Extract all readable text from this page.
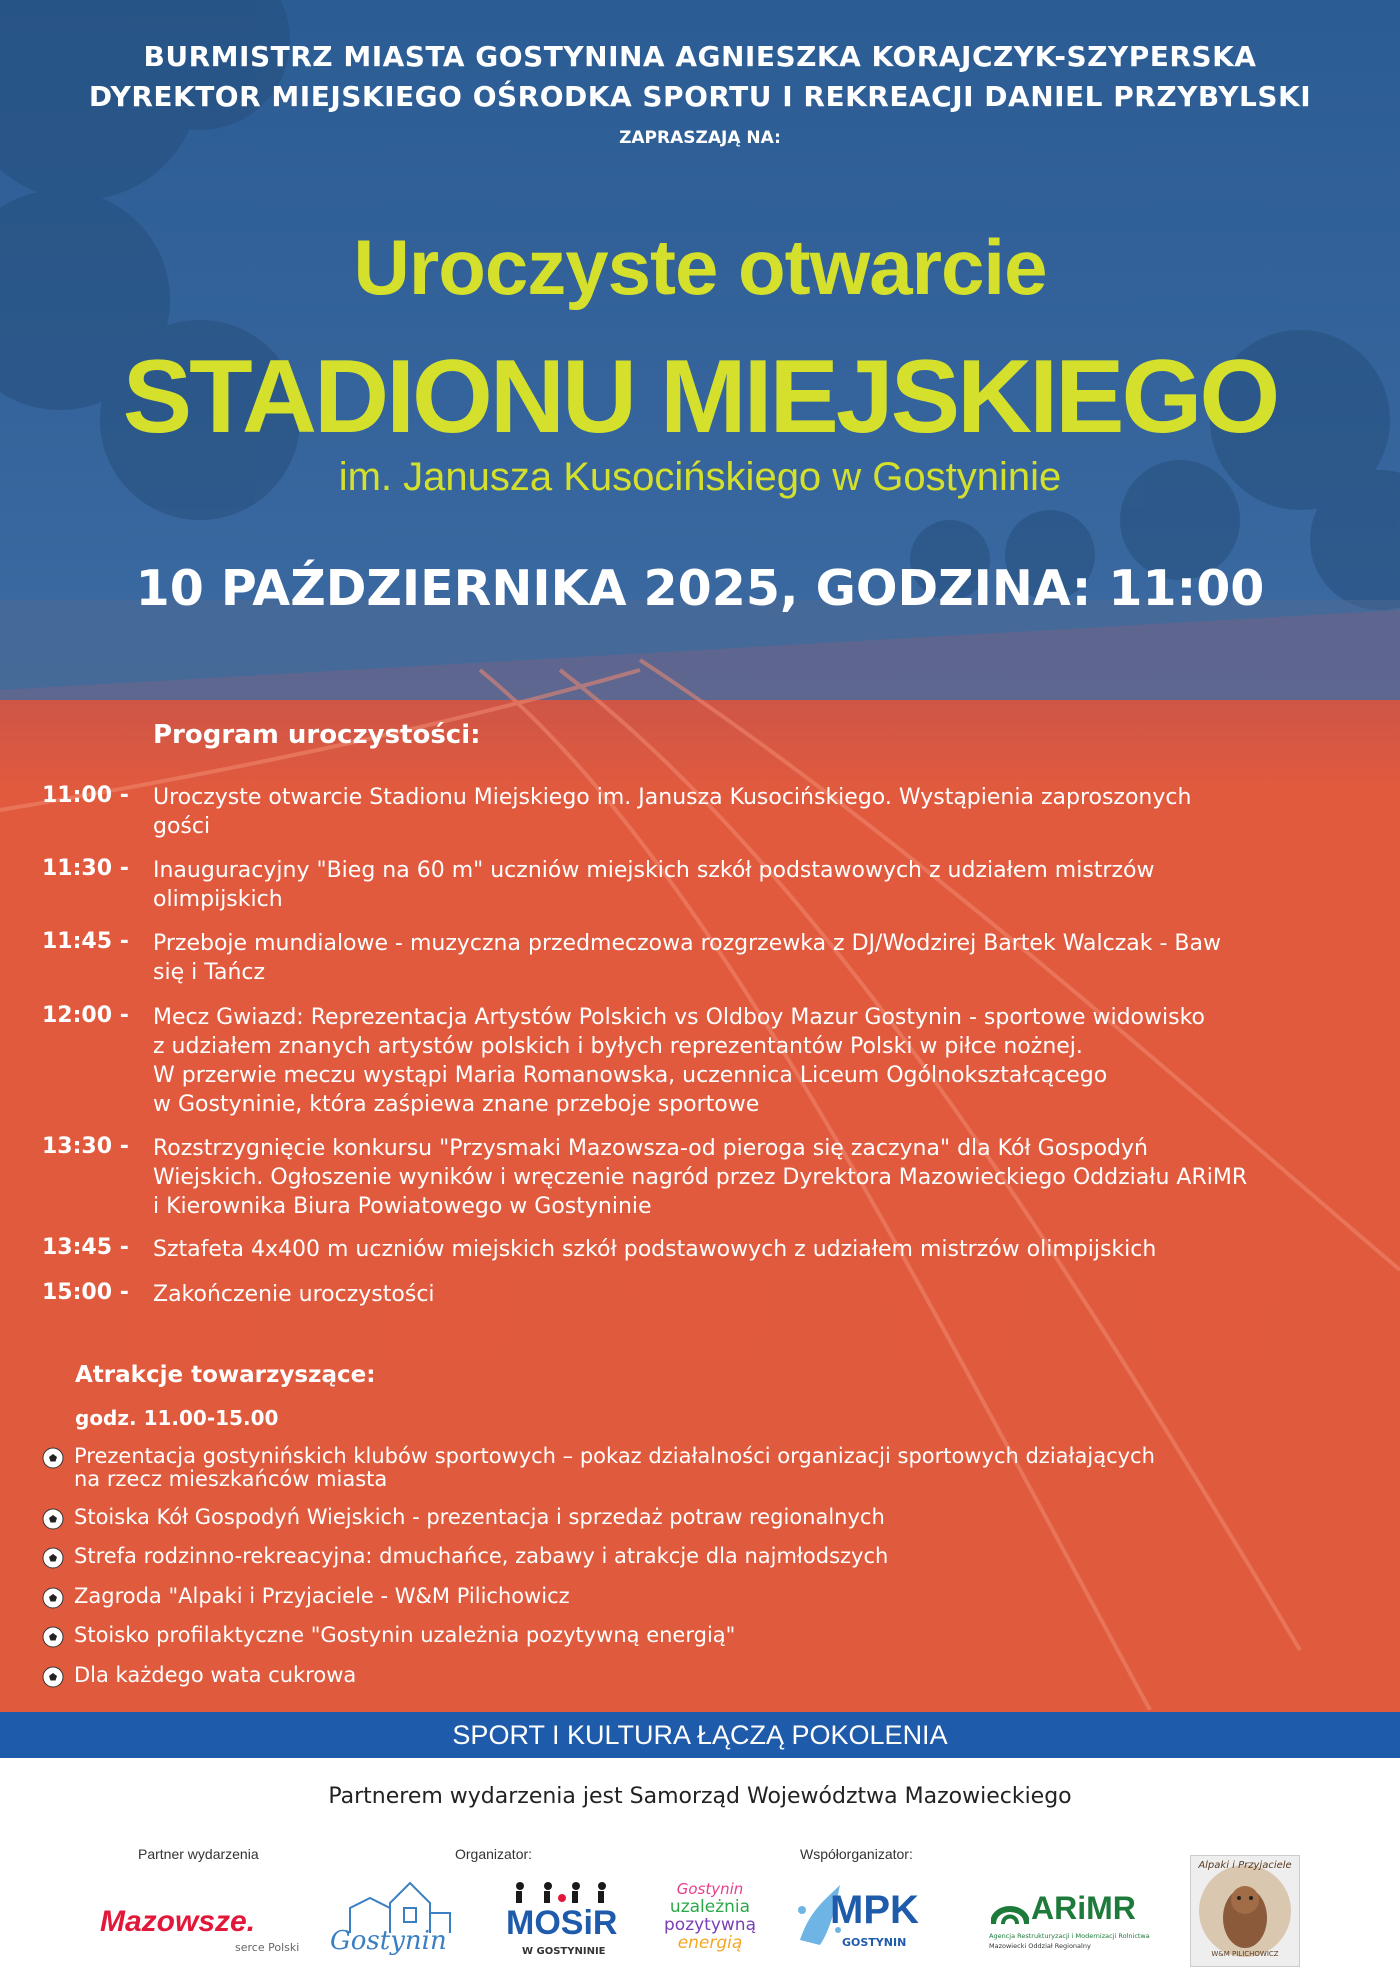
BURMISTRZ MIASTA GOSTYNINA AGNIESZKA KORAJCZYK-SZYPERSKA
DYREKTOR MIEJSKIEGO OŚRODKA SPORTU I REKREACJI DANIEL PRZYBYLSKI
ZAPRASZAJĄ NA:
Uroczyste otwarcie
STADIONU MIEJSKIEGO
im. Janusza Kusocińskiego w Gostyninie
10 PAŹDZIERNIKA 2025, GODZINA: 11:00
Program uroczystości:
11:00 - Uroczyste otwarcie Stadionu Miejskiego im. Janusza Kusocińskiego. Wystąpienia zaproszonych
gości
11:30 - Inauguracyjny "Bieg na 60 m" uczniów miejskich szkół podstawowych z udziałem mistrzów
olimpijskich
11:45 - Przeboje mundialowe - muzyczna przedmeczowa rozgrzewka z DJ/Wodzirej Bartek Walczak - Baw
się i Tańcz
12:00 - Mecz Gwiazd: Reprezentacja Artystów Polskich vs Oldboy Mazur Gostynin - sportowe widowisko
z udziałem znanych artystów polskich i byłych reprezentantów Polski w piłce nożnej.
W przerwie meczu wystąpi Maria Romanowska, uczennica Liceum Ogólnokształcącego
w Gostyninie, która zaśpiewa znane przeboje sportowe
13:30 - Rozstrzygnięcie konkursu "Przysmaki Mazowsza-od pieroga się zaczyna" dla Kół Gospodyń
Wiejskich. Ogłoszenie wyników i wręczenie nagród przez Dyrektora Mazowieckiego Oddziału ARiMR
i Kierownika Biura Powiatowego w Gostyninie
13:45 - Sztafeta 4x400 m uczniów miejskich szkół podstawowych z udziałem mistrzów olimpijskich
15:00 - Zakończenie uroczystości
Atrakcje towarzyszące:
godz. 11.00-15.00
Prezentacja gostynińskich klubów sportowych – pokaz działalności organizacji sportowych działających
na rzecz mieszkańców miasta
Stoiska Kół Gospodyń Wiejskich - prezentacja i sprzedaż potraw regionalnych
Strefa rodzinno-rekreacyjna: dmuchańce, zabawy i atrakcje dla najmłodszych
Zagroda "Alpaki i Przyjaciele - W&M Pilichowicz
Stoisko profilaktyczne "Gostynin uzależnia pozytywną energią"
Dla każdego wata cukrowa
SPORT I KULTURA ŁĄCZĄ POKOLENIA
Partnerem wydarzenia jest Samorząd Województwa Mazowieckiego
Partner wydarzenia	Organizator:	Współorganizator:
Mazowsze.
serce Polski Gostynin MOSiR
W GOSTYNINIE
Gostynin
uzależnia
pozytywną
energią
MPK
GOSTYNIN
ARiMR
Agencja Restrukturyzacji i Modernizacji Rolnictwa
Mazowiecki Oddział Regionalny
Alpaki i Przyjaciele
W&M PILICHOWICZ
